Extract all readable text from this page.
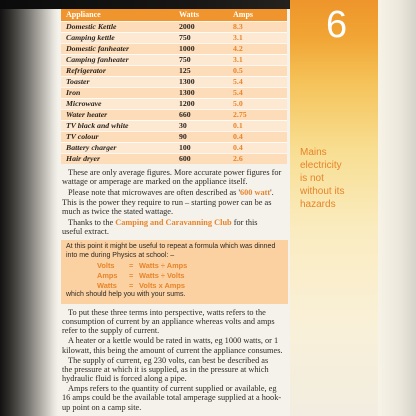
6
Appliance	Watts	Amps
Domestic Kettle	2000	8.3
Camping kettle	750	3.1
Domestic fanheater	1000	4.2
Camping fanheater	750	3.1
Refrigerator	125	0.5
Toaster	1300	5.4
Iron	1300	5.4
Microwave	1200	5.0
Water heater	660	2.75
TV black and white	30	0.1
TV colour	90	0.4
Battery charger	100	0.4
Hair dryer	600	2.6
Mains
electricity
is not
without its
hazards
These are only average figures. More accurate power figures for
wattage or amperage are marked on the appliance itself.
Please note that microwaves are often described as '600 watt'.
This is the power they require to run – starting power can be as
much as twice the stated wattage.
Thanks to the Camping and Caravanning Club for this
useful extract.
At this point it might be useful to repeat a formula which was dinned
into me during Physics at school: –
Volts	= Watts ÷ Amps
Amps	= Watts ÷ Volts
Watts	= Volts x Amps
which should help you with your sums.
To put these three terms into perspective, watts refers to the
consumption of current by an appliance whereas volts and amps
refer to the supply of current.
A heater or a kettle would be rated in watts, eg 1000 watts, or 1
kilowatt, this being the amount of current the appliance consumes.
The supply of current, eg 230 volts, can best be described as
the pressure at which it is supplied, as in the pressure at which
hydraulic fluid is forced along a pipe.
Amps refers to the quantity of current supplied or available, eg
16 amps could be the available total amperage supplied at a hook-
up point on a camp site.
